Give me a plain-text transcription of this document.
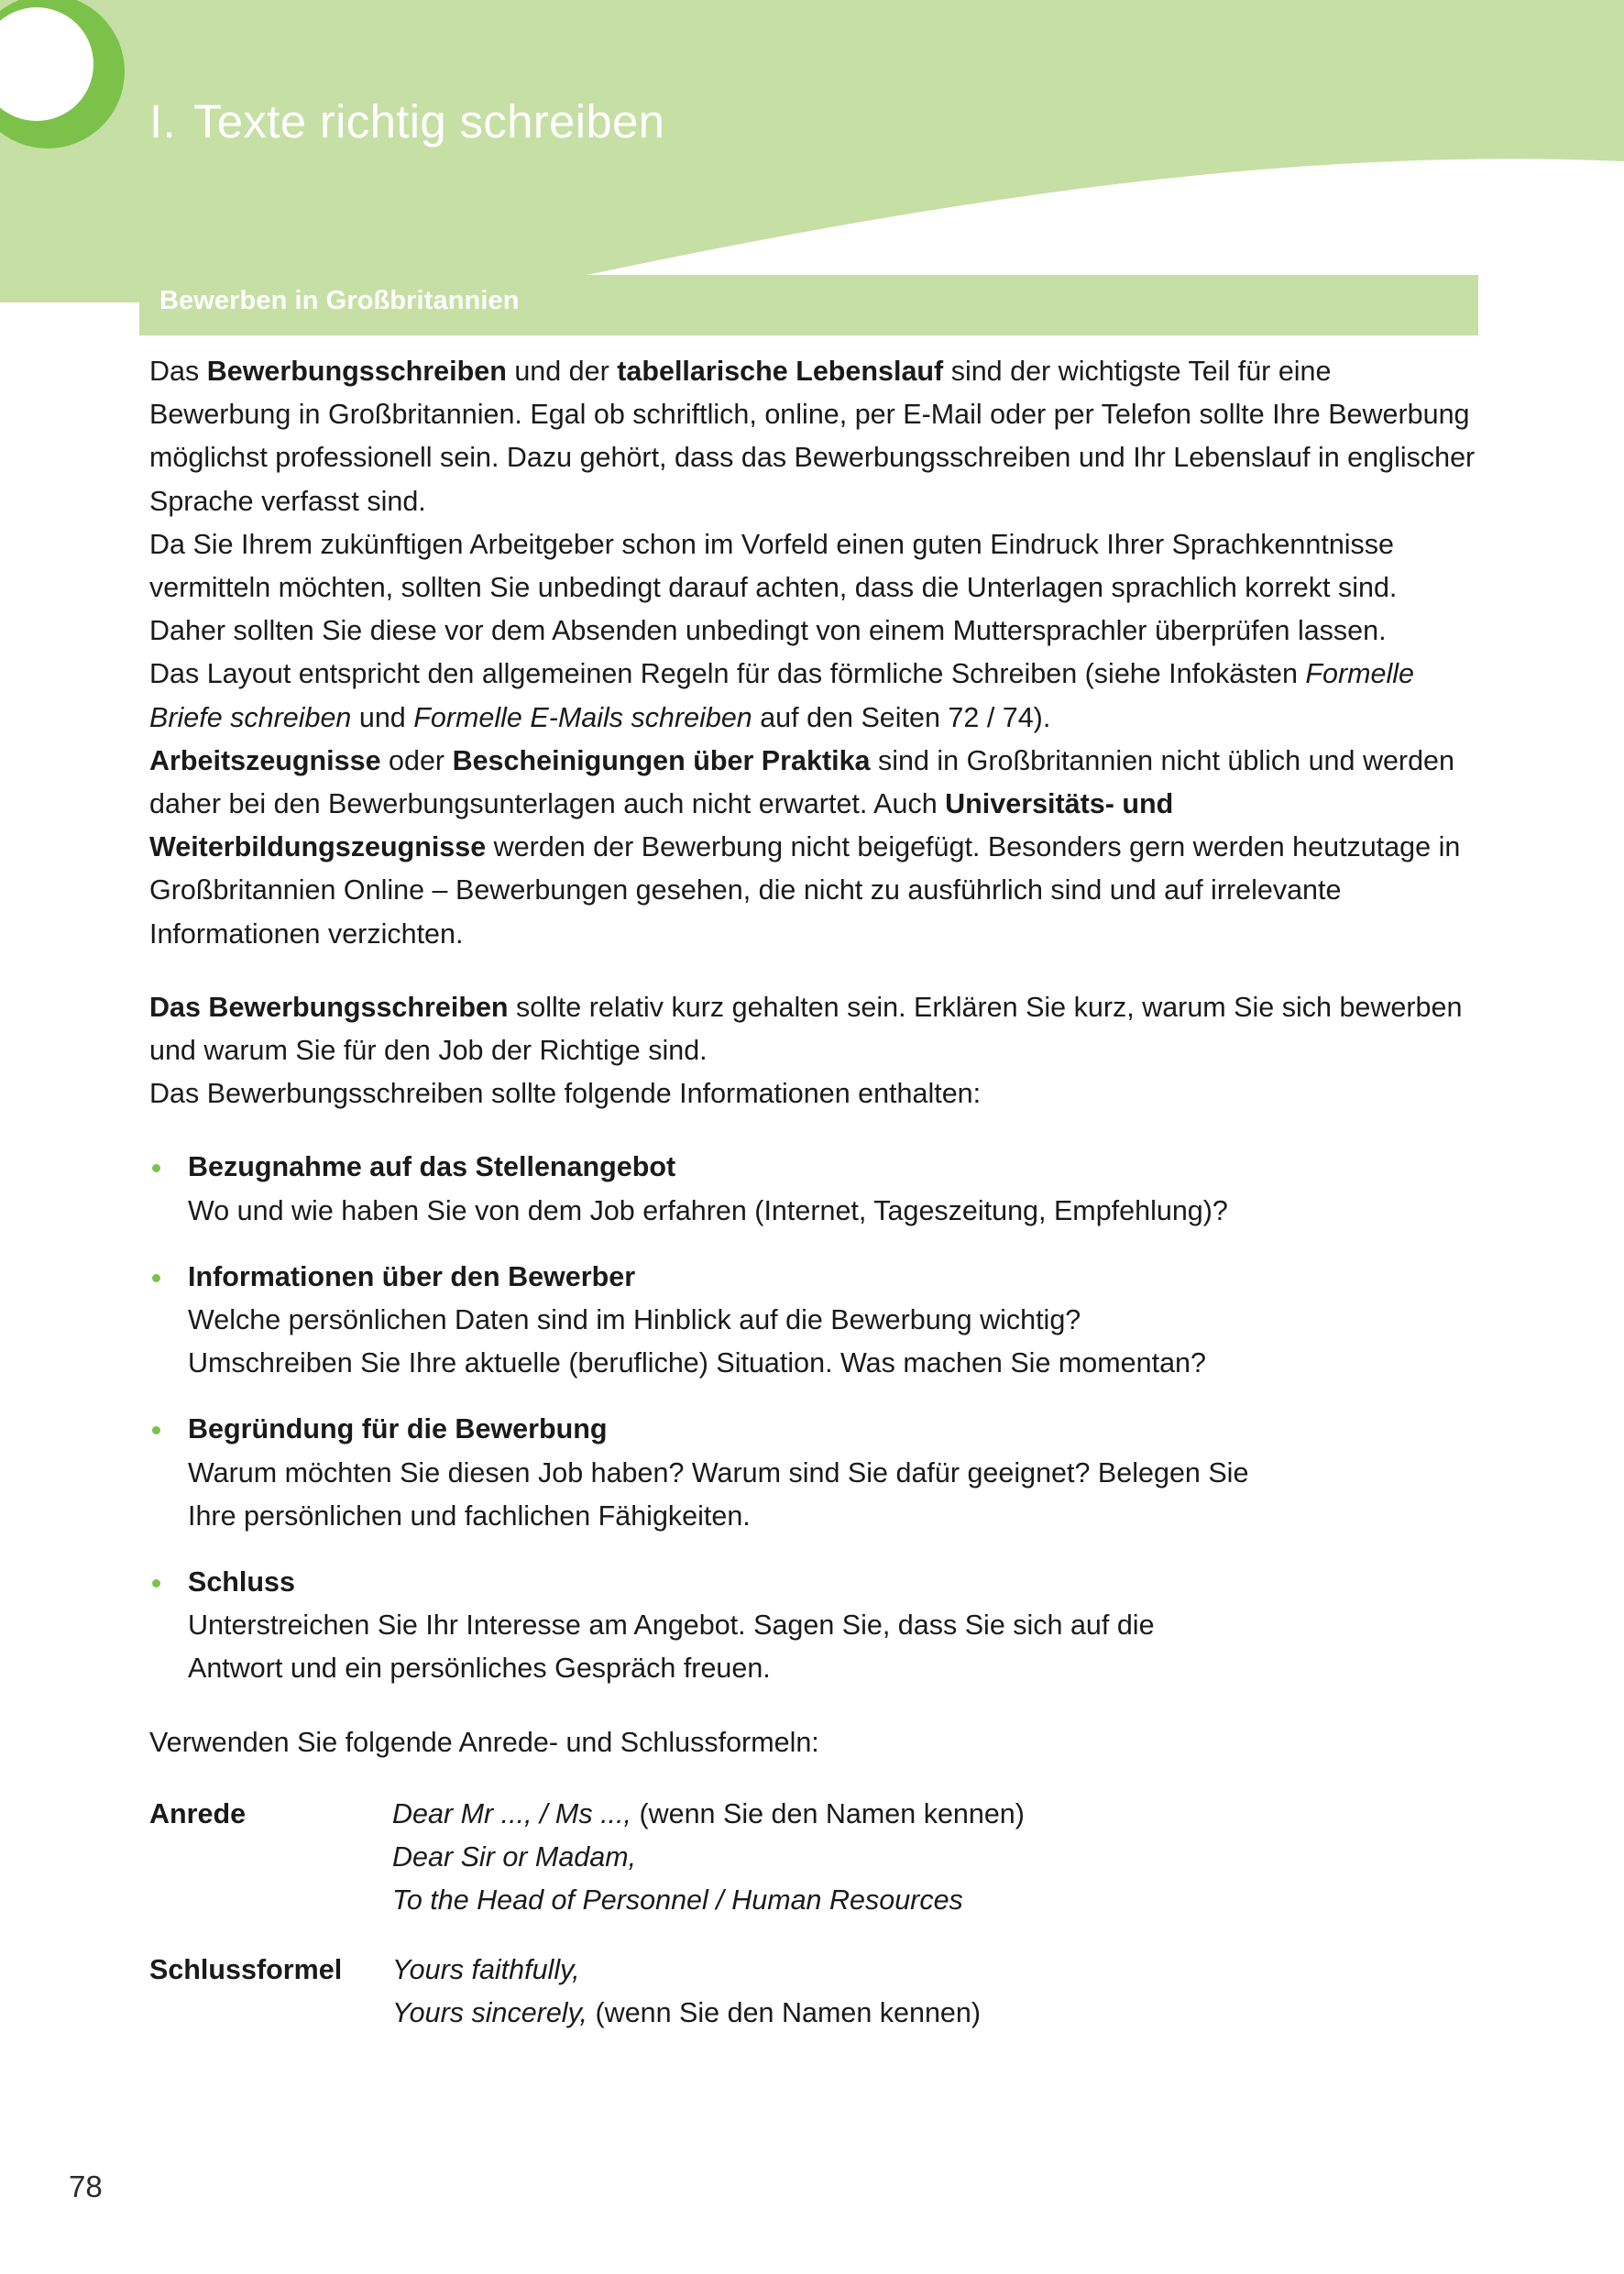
I. Texte richtig schreiben
Bewerben in Großbritannien

Das Bewerbungsschreiben und der tabellarische Lebenslauf sind der wichtigste Teil für eine Bewerbung in Großbritannien. Egal ob schriftlich, online, per E-Mail oder per Telefon sollte Ihre Bewerbung möglichst professionell sein. Dazu gehört, dass das Bewerbungsschreiben und Ihr Lebenslauf in englischer Sprache verfasst sind.

Da Sie Ihrem zukünftigen Arbeitgeber schon im Vorfeld einen guten Eindruck Ihrer Sprachkenntnisse vermitteln möchten, sollten Sie unbedingt darauf achten, dass die Unterlagen sprachlich korrekt sind. Daher sollten Sie diese vor dem Absenden unbedingt von einem Muttersprachler überprüfen lassen.

Das Layout entspricht den allgemeinen Regeln für das förmliche Schreiben (siehe Infokästen Formelle Briefe schreiben und Formelle E-Mails schreiben auf den Seiten 72 / 74).

Arbeitszeugnisse oder Bescheinigungen über Praktika sind in Großbritannien nicht üblich und werden daher bei den Bewerbungsunterlagen auch nicht erwartet. Auch Universitäts- und Weiterbildungszeugnisse werden der Bewerbung nicht beigefügt. Besonders gern werden heutzutage in Großbritannien Online – Bewerbungen gesehen, die nicht zu ausführlich sind und auf irrelevante Informationen verzichten.

Das Bewerbungsschreiben sollte relativ kurz gehalten sein. Erklären Sie kurz, warum Sie sich bewerben und warum Sie für den Job der Richtige sind.

Das Bewerbungsschreiben sollte folgende Informationen enthalten:

Bezugnahme auf das Stellenangebot
Wo und wie haben Sie von dem Job erfahren (Internet, Tageszeitung, Empfehlung)?
Informationen über den Bewerber
Welche persönlichen Daten sind im Hinblick auf die Bewerbung wichtig?
Umschreiben Sie Ihre aktuelle (berufliche) Situation. Was machen Sie momentan?
Begründung für die Bewerbung
Warum möchten Sie diesen Job haben? Warum sind Sie dafür geeignet? Belegen Sie
Ihre persönlichen und fachlichen Fähigkeiten.
Schluss
Unterstreichen Sie Ihr Interesse am Angebot. Sagen Sie, dass Sie sich auf die
Antwort und ein persönliches Gespräch freuen.

Verwenden Sie folgende Anrede- und Schlussformeln:

Anrede	Dear Mr ..., / Ms ..., (wenn Sie den Namen kennen)
Dear Sir or Madam,
To the Head of Personnel / Human Resources
Schlussformel	Yours faithfully,
Yours sincerely, (wenn Sie den Namen kennen)
78
